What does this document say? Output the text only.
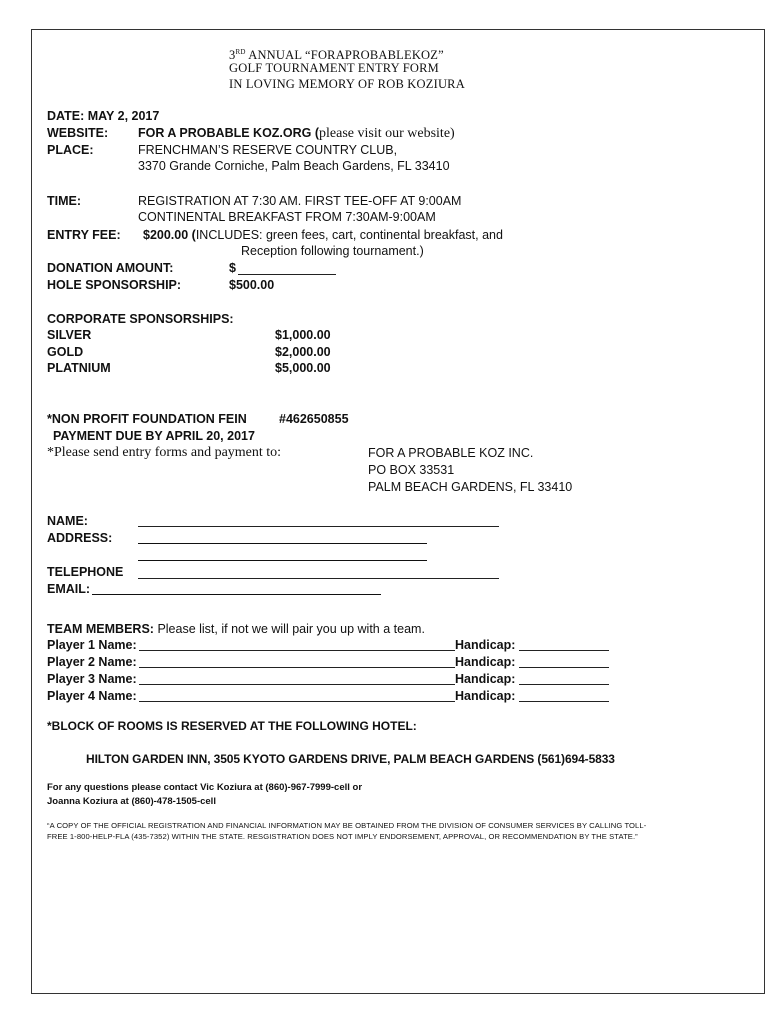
3RD ANNUAL “FORAPROBABLEKOZ”
GOLF TOURNAMENT ENTRY FORM
IN LOVING MEMORY OF ROB KOZIURA
DATE: MAY 2, 2017
WEBSITE: FOR A PROBABLE KOZ.ORG (please visit our website)
PLACE:	FRENCHMAN’S RESERVE COUNTRY CLUB,
3370 Grande Corniche, Palm Beach Gardens, FL 33410
TIME:	REGISTRATION AT 7:30 AM. FIRST TEE-OFF AT 9:00AM
CONTINENTAL BREAKFAST FROM 7:30AM-9:00AM
ENTRY FEE: $200.00 (INCLUDES: green fees, cart, continental breakfast, and
Reception following tournament.)
DONATION AMOUNT:	$
HOLE SPONSORSHIP:	$500.00
CORPORATE SPONSORSHIPS:
SILVER	$1,000.00
GOLD	$2,000.00
PLATNIUM	$5,000.00
*NON PROFIT FOUNDATION FEIN	#462650855
PAYMENT DUE BY APRIL 20, 2017
*Please send entry forms and payment to:	FOR A PROBABLE KOZ INC.
PO BOX 33531
PALM BEACH GARDENS, FL 33410
NAME:
ADDRESS:
TELEPHONE
EMAIL:
TEAM MEMBERS: Please list, if not we will pair you up with a team.
Player 1 Name:	Handicap:
Player 2 Name:	Handicap:
Player 3 Name:	Handicap:
Player 4 Name:	Handicap:
*BLOCK OF ROOMS IS RESERVED AT THE FOLLOWING HOTEL:
HILTON GARDEN INN, 3505 KYOTO GARDENS DRIVE, PALM BEACH GARDENS (561)694-5833
For any questions please contact Vic Koziura at (860)-967-7999-cell or
Joanna Koziura at (860)-478-1505-cell
“A COPY OF THE OFFICIAL REGISTRATION AND FINANCIAL INFORMATION MAY BE OBTAINED FROM THE DIVISION OF CONSUMER SERVICES BY CALLING TOLL-
FREE 1-800-HELP-FLA (435-7352) WITHIN THE STATE. RESGISTRATION DOES NOT IMPLY ENDORSEMENT, APPROVAL, OR RECOMMENDATION BY THE STATE.”
